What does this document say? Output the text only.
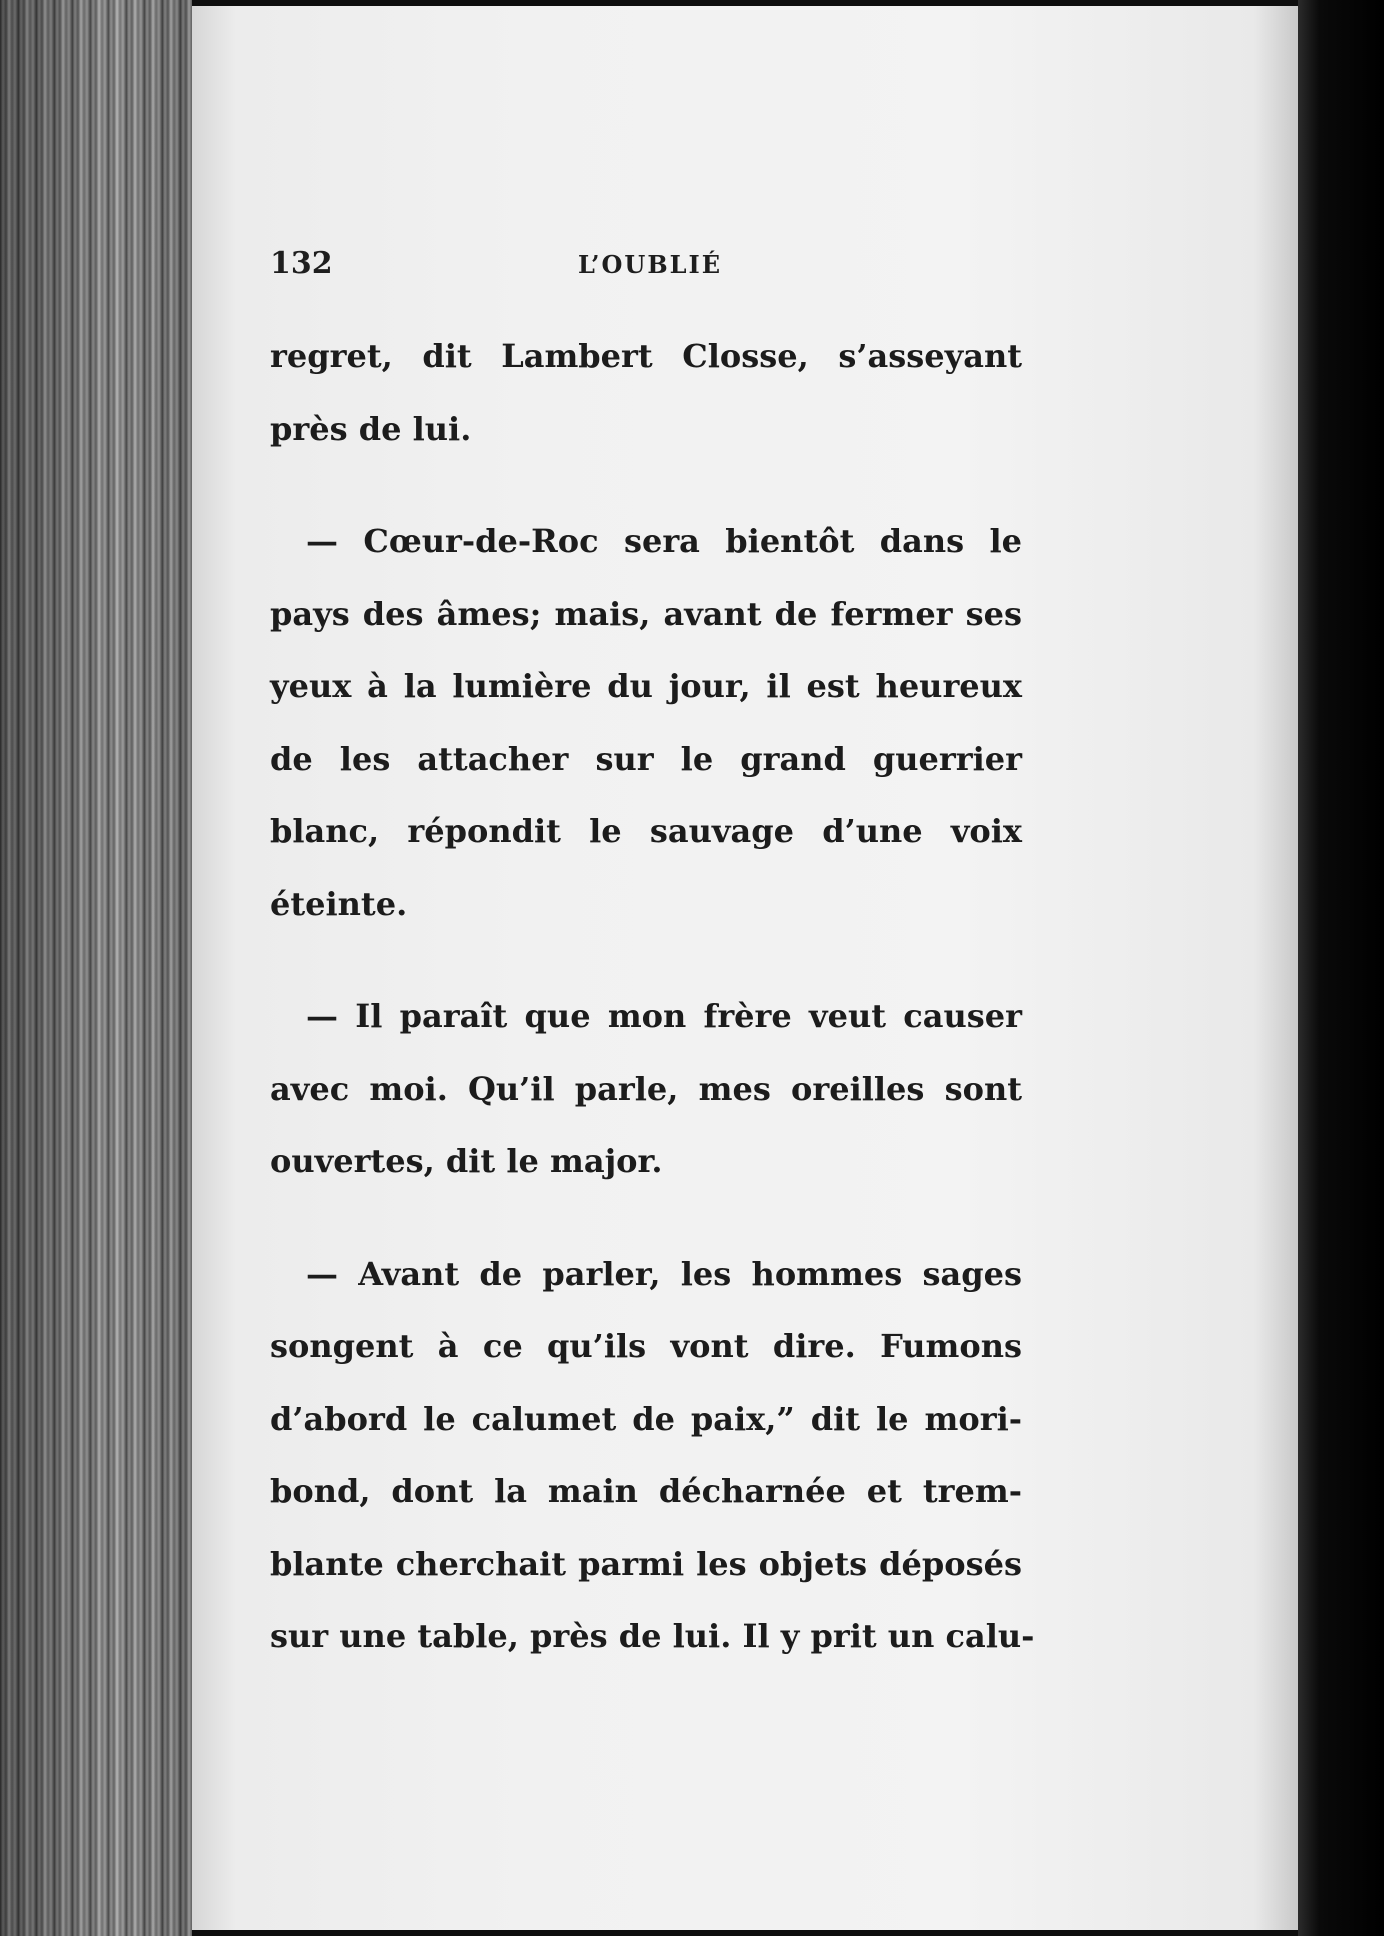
132	L’OUBLIÉ
regret, dit Lambert Closse, s’asseyant
près de lui.
— Cœur-de-Roc sera bientôt dans le
pays des âmes; mais, avant de fermer ses
yeux à la lumière du jour, il est heureux
de les attacher sur le grand guerrier
blanc, répondit le sauvage d’une voix
éteinte.
— Il paraît que mon frère veut causer
avec moi. Qu’il parle, mes oreilles sont
ouvertes, dit le major.
— Avant de parler, les hommes sages
songent à ce qu’ils vont dire. Fumons
d’abord le calumet de paix,” dit le mori-
bond, dont la main décharnée et trem-
blante cherchait parmi les objets déposés
sur une table, près de lui. Il y prit un calu-
